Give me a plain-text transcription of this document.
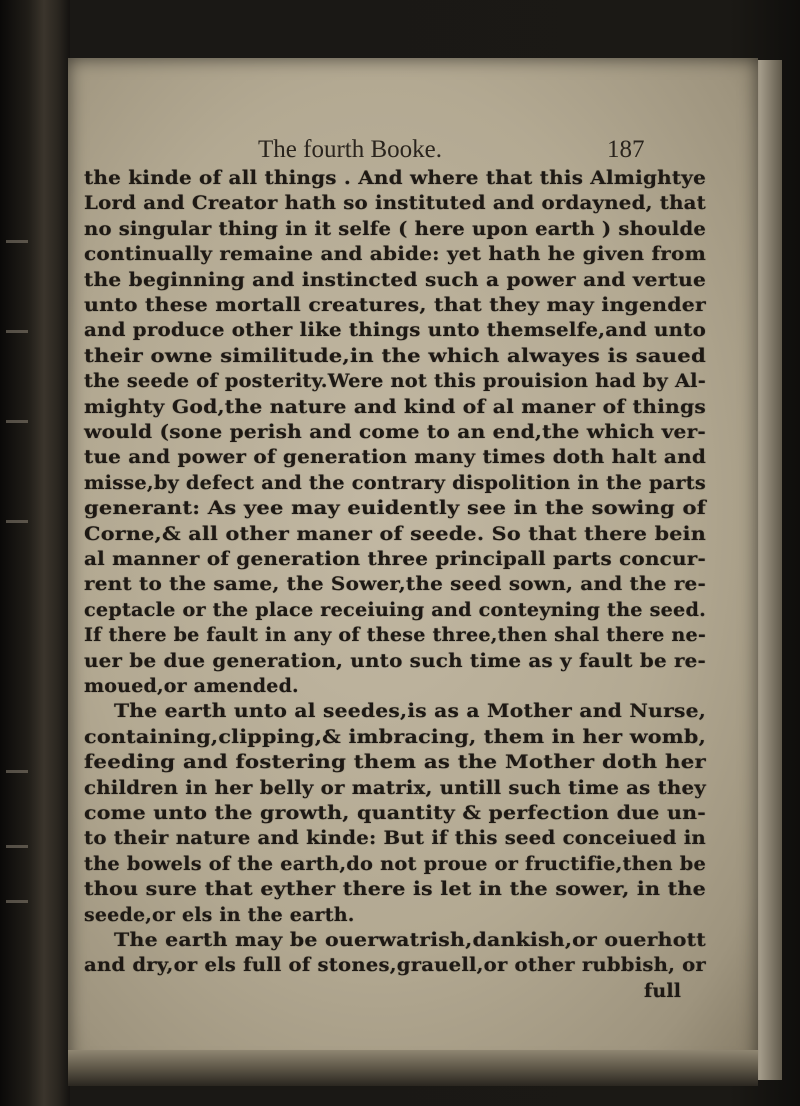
The fourth Booke.	187
the kinde of all things . And where that this Almightye
Lord and Creator hath so instituted and ordayned, that
no singular thing in it selfe ( here upon earth ) shoulde
continually remaine and abide: yet hath he given from
the beginning and instincted such a power and vertue
unto these mortall creatures, that they may ingender
and produce other like things unto themselfe,and unto
their owne similitude,in the which alwayes is saued
the seede of posterity.Were not this prouision had by Al-
mighty God,the nature and kind of al maner of things
would (sone perish and come to an end,the which ver-
tue and power of generation many times doth halt and
misse,by defect and the contrary dispolition in the parts
generant: As yee may euidently see in the sowing of
Corne,& all other maner of seede. So that there bein
al manner of generation three principall parts concur-
rent to the same, the Sower,the seed sown, and the re-
ceptacle or the place receiuing and conteyning the seed.
If there be fault in any of these three,then shal there ne-
uer be due generation, unto such time as y fault be re-
moued,or amended.
The earth unto al seedes,is as a Mother and Nurse,
containing,clipping,& imbracing, them in her womb,
feeding and fostering them as the Mother doth her
children in her belly or matrix, untill such time as they
come unto the growth, quantity & perfection due un-
to their nature and kinde: But if this seed conceiued in
the bowels of the earth,do not proue or fructifie,then be
thou sure that eyther there is let in the sower, in the
seede,or els in the earth.
The earth may be ouerwatrish,dankish,or ouerhott
and dry,or els full of stones,grauell,or other rubbish, or
full
